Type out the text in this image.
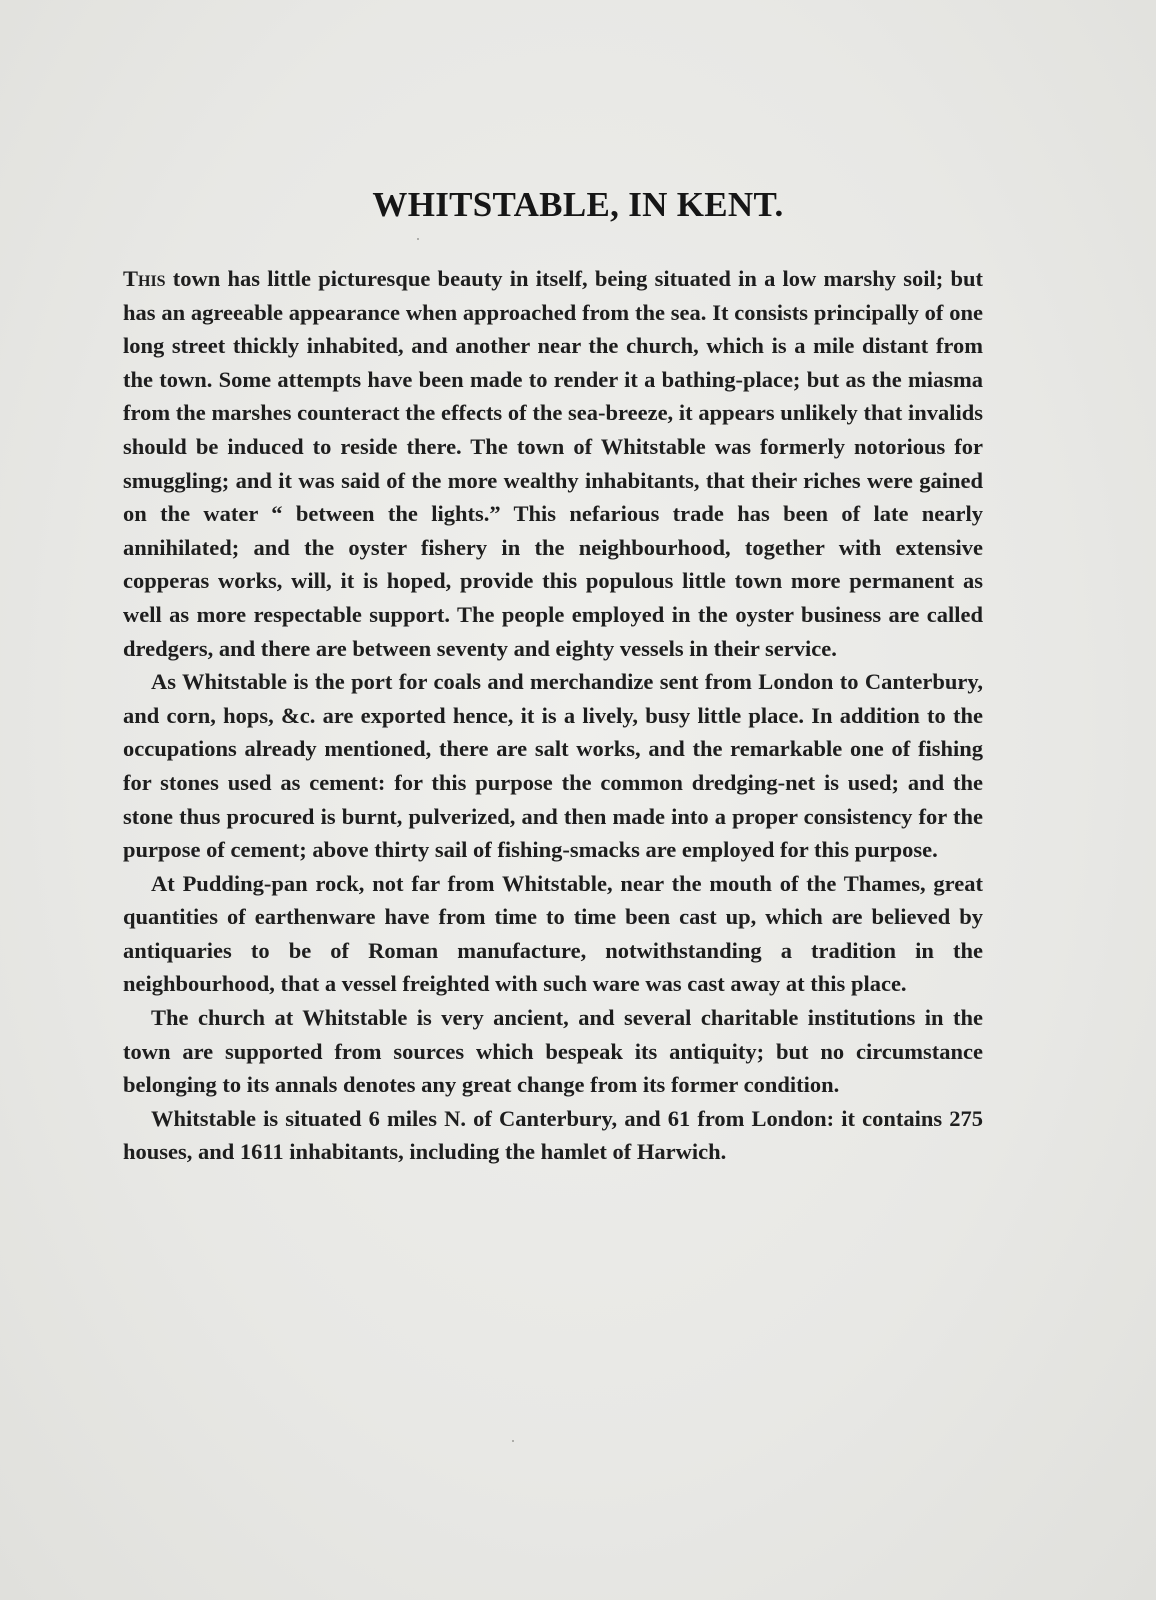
WHITSTABLE, IN KENT.

This town has little picturesque beauty in itself, being situated in a low marshy soil; but has an agreeable appearance when approached from the sea. It consists principally of one long street thickly inhabited, and another near the church, which is a mile distant from the town. Some attempts have been made to render it a bathing-place; but as the miasma from the marshes counteract the effects of the sea-breeze, it appears unlikely that invalids should be induced to reside there. The town of Whitstable was formerly notorious for smuggling; and it was said of the more wealthy inhabitants, that their riches were gained on the water “ between the lights.” This nefarious trade has been of late nearly annihilated; and the oyster fishery in the neighbourhood, together with extensive copperas works, will, it is hoped, provide this populous little town more permanent as well as more respectable support. The people employed in the oyster business are called dredgers, and there are between seventy and eighty vessels in their service.

As Whitstable is the port for coals and merchandize sent from London to Canterbury, and corn, hops, &c. are exported hence, it is a lively, busy little place. In addition to the occupations already mentioned, there are salt works, and the remarkable one of fishing for stones used as cement: for this purpose the common dredging-net is used; and the stone thus procured is burnt, pulverized, and then made into a proper consistency for the purpose of cement; above thirty sail of fishing-smacks are employed for this purpose.

At Pudding-pan rock, not far from Whitstable, near the mouth of the Thames, great quantities of earthenware have from time to time been cast up, which are believed by antiquaries to be of Roman manufacture, notwithstanding a tradition in the neighbourhood, that a vessel freighted with such ware was cast away at this place.

The church at Whitstable is very ancient, and several charitable institutions in the town are supported from sources which bespeak its antiquity; but no circumstance belonging to its annals denotes any great change from its former condition.

Whitstable is situated 6 miles N. of Canterbury, and 61 from London: it contains 275 houses, and 1611 inhabitants, including the hamlet of Harwich.
